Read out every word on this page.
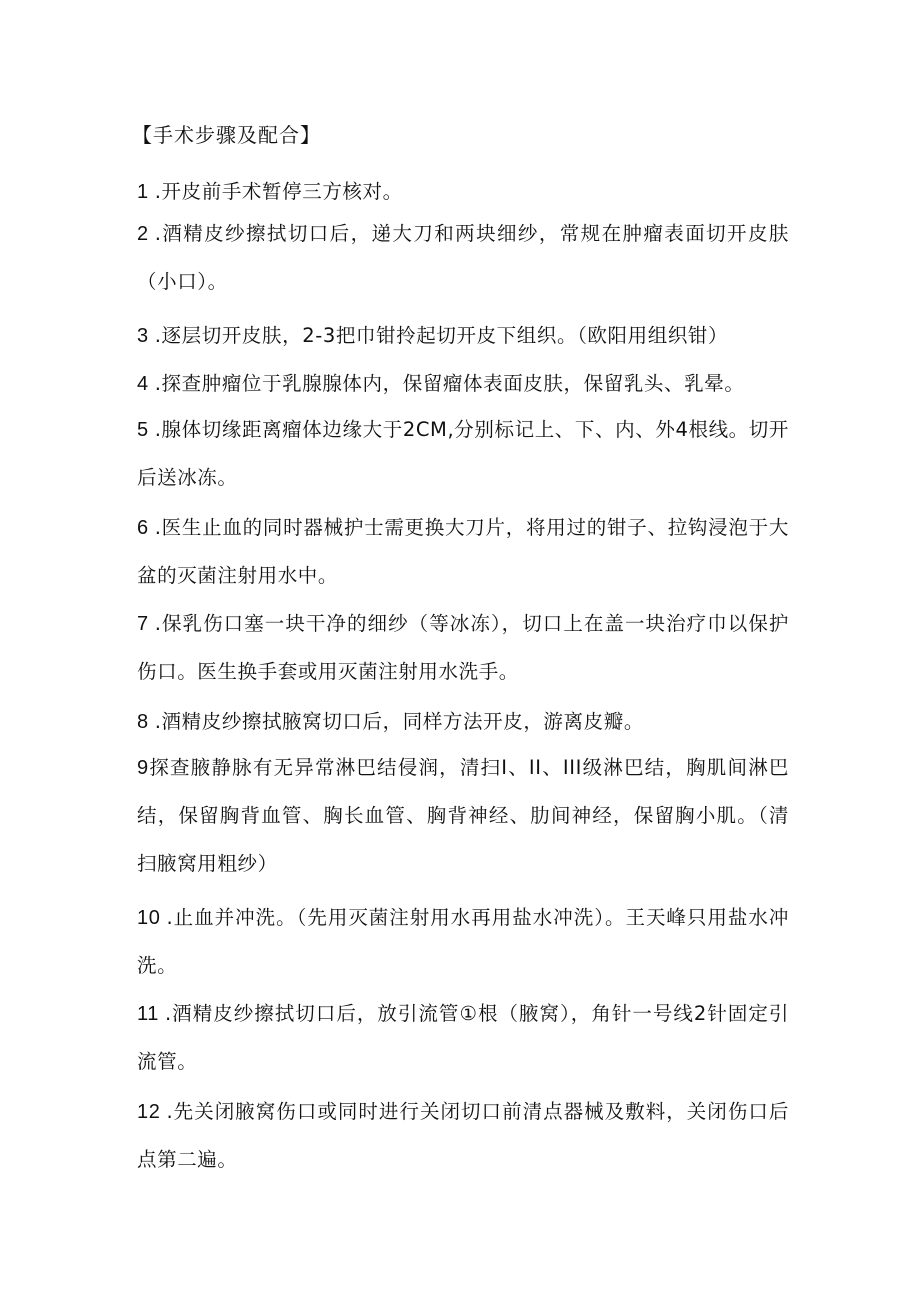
【手术步骤及配合】

1 .开皮前手术暂停三方核对。

2 .酒精皮纱擦拭切口后，递大刀和两块细纱，常规在肿瘤表面切开皮肤（小口）。

3 .逐层切开皮肤，2-3把巾钳拎起切开皮下组织。（欧阳用组织钳）

4 .探查肿瘤位于乳腺腺体内，保留瘤体表面皮肤，保留乳头、乳晕。

5 .腺体切缘距离瘤体边缘大于2CM,分别标记上、下、内、外4根线。切开后送冰冻。

6 .医生止血的同时器械护士需更换大刀片，将用过的钳子、拉钩浸泡于大盆的灭菌注射用水中。

7 .保乳伤口塞一块干净的细纱（等冰冻），切口上在盖一块治疗巾以保护伤口。医生换手套或用灭菌注射用水洗手。

8 .酒精皮纱擦拭腋窝切口后，同样方法开皮，游离皮瓣。

9探查腋静脉有无异常淋巴结侵润，清扫I、II、III级淋巴结，胸肌间淋巴结，保留胸背血管、胸长血管、胸背神经、肋间神经，保留胸小肌。（清扫腋窝用粗纱）

10 .止血并冲洗。（先用灭菌注射用水再用盐水冲洗）。王天峰只用盐水冲洗。

11 .酒精皮纱擦拭切口后，放引流管①根（腋窝），角针一号线2针固定引流管。

12 .先关闭腋窝伤口或同时进行关闭切口前清点器械及敷料，关闭伤口后点第二遍。
